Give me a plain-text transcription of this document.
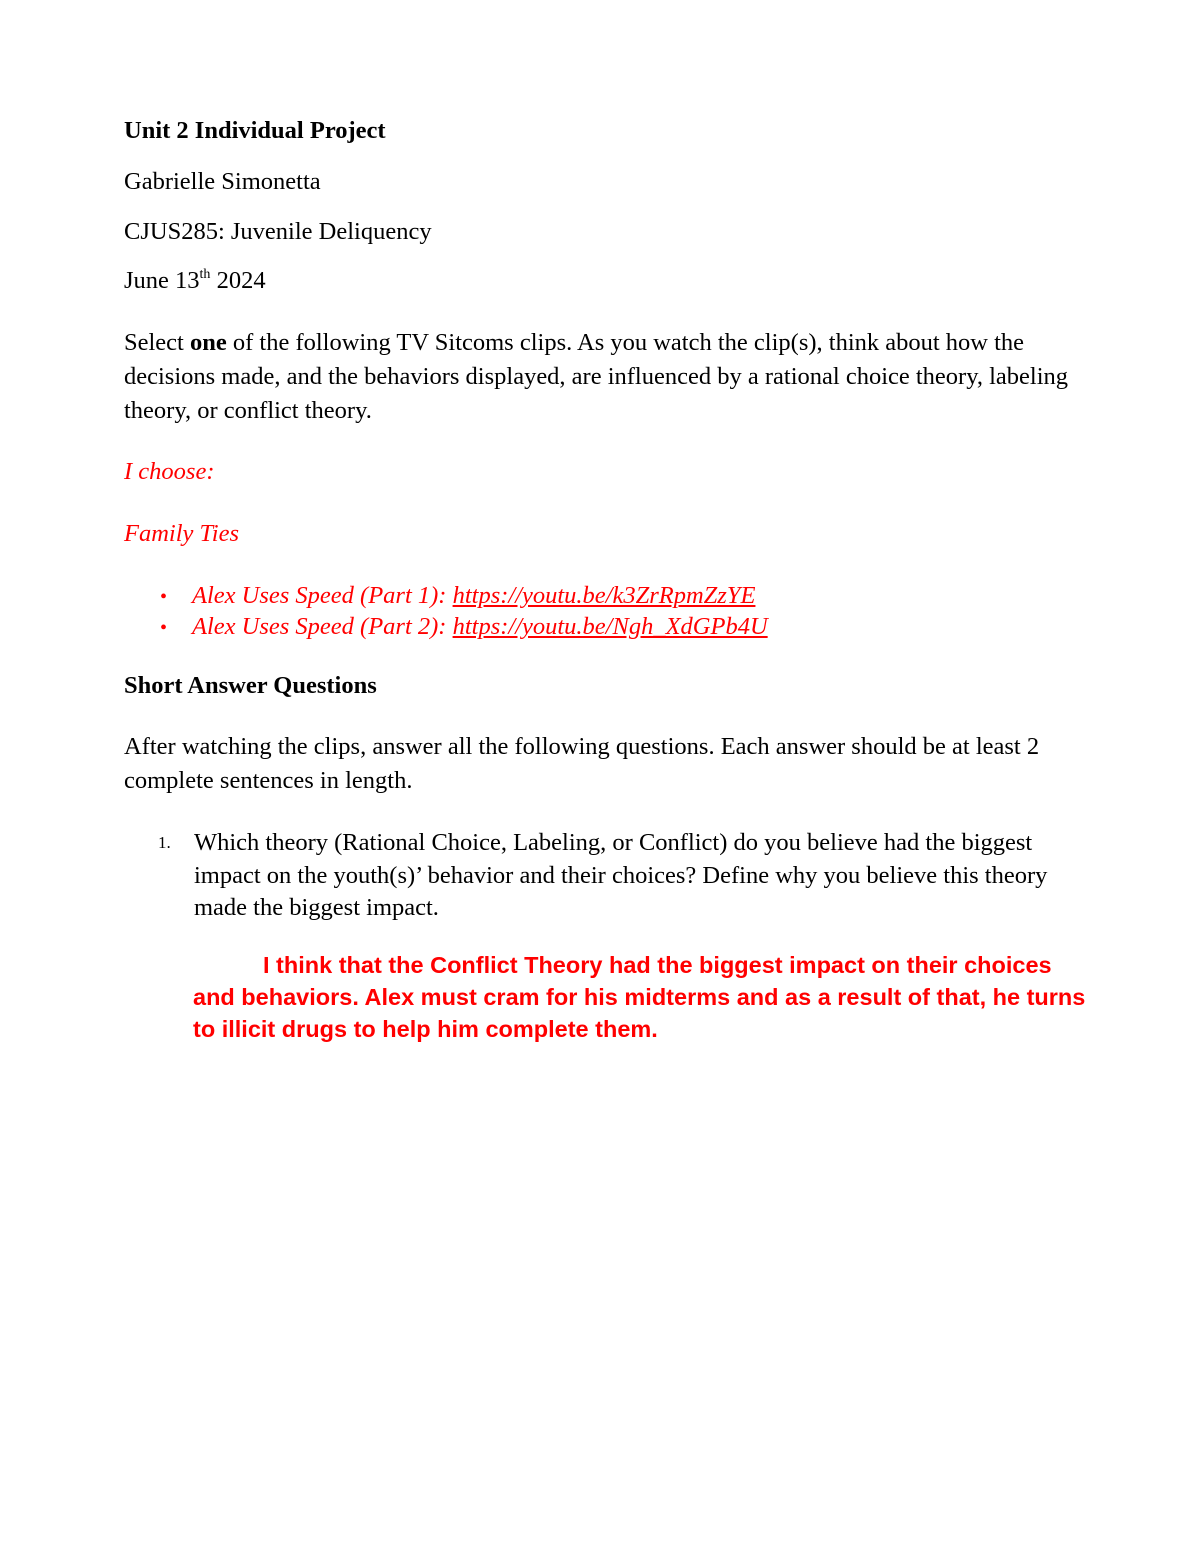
Unit 2 Individual Project
Gabrielle Simonetta
CJUS285: Juvenile Deliquency
June 13th 2024
Select one of the following TV Sitcoms clips. As you watch the clip(s), think about how the decisions made, and the behaviors displayed, are influenced by a rational choice theory, labeling theory, or conflict theory.
I choose:
Family Ties
• Alex Uses Speed (Part 1): https://youtu.be/k3ZrRpmZzYE
• Alex Uses Speed (Part 2): https://youtu.be/Ngh_XdGPb4U
Short Answer Questions
After watching the clips, answer all the following questions. Each answer should be at least 2 complete sentences in length.
1. Which theory (Rational Choice, Labeling, or Conflict) do you believe had the biggest impact on the youth(s)’ behavior and their choices? Define why you believe this theory made the biggest impact.
I think that the Conflict Theory had the biggest impact on their choices and behaviors. Alex must cram for his midterms and as a result of that, he turns to illicit drugs to help him complete them.
